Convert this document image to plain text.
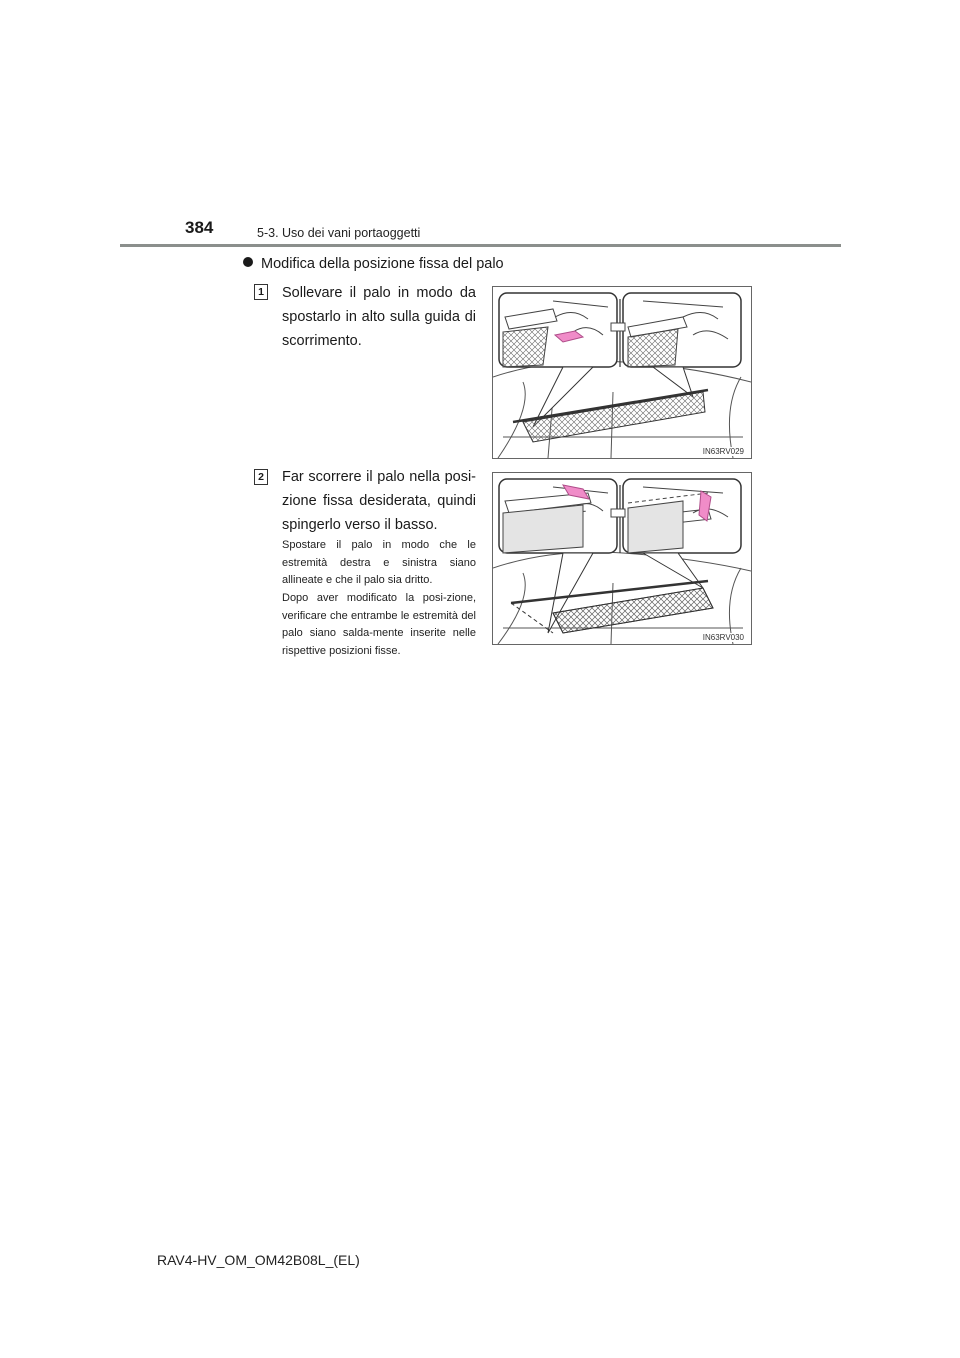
384	5-3. Uso dei vani portaoggetti
Modifica della posizione fissa del palo
1 Sollevare il palo in modo da spostarlo in alto sulla guida di scorrimento.
IN63RV029
2 Far scorrere il palo nella posi-zione fissa desiderata, quindi spingerlo verso il basso.
Spostare il palo in modo che le estremità destra e sinistra siano allineate e che il palo sia dritto.
Dopo aver modificato la posi-zione, verificare che entrambe le estremità del palo siano salda-mente inserite nelle rispettive posizioni fisse.
IN63RV030
RAV4-HV_OM_OM42B08L_(EL)
